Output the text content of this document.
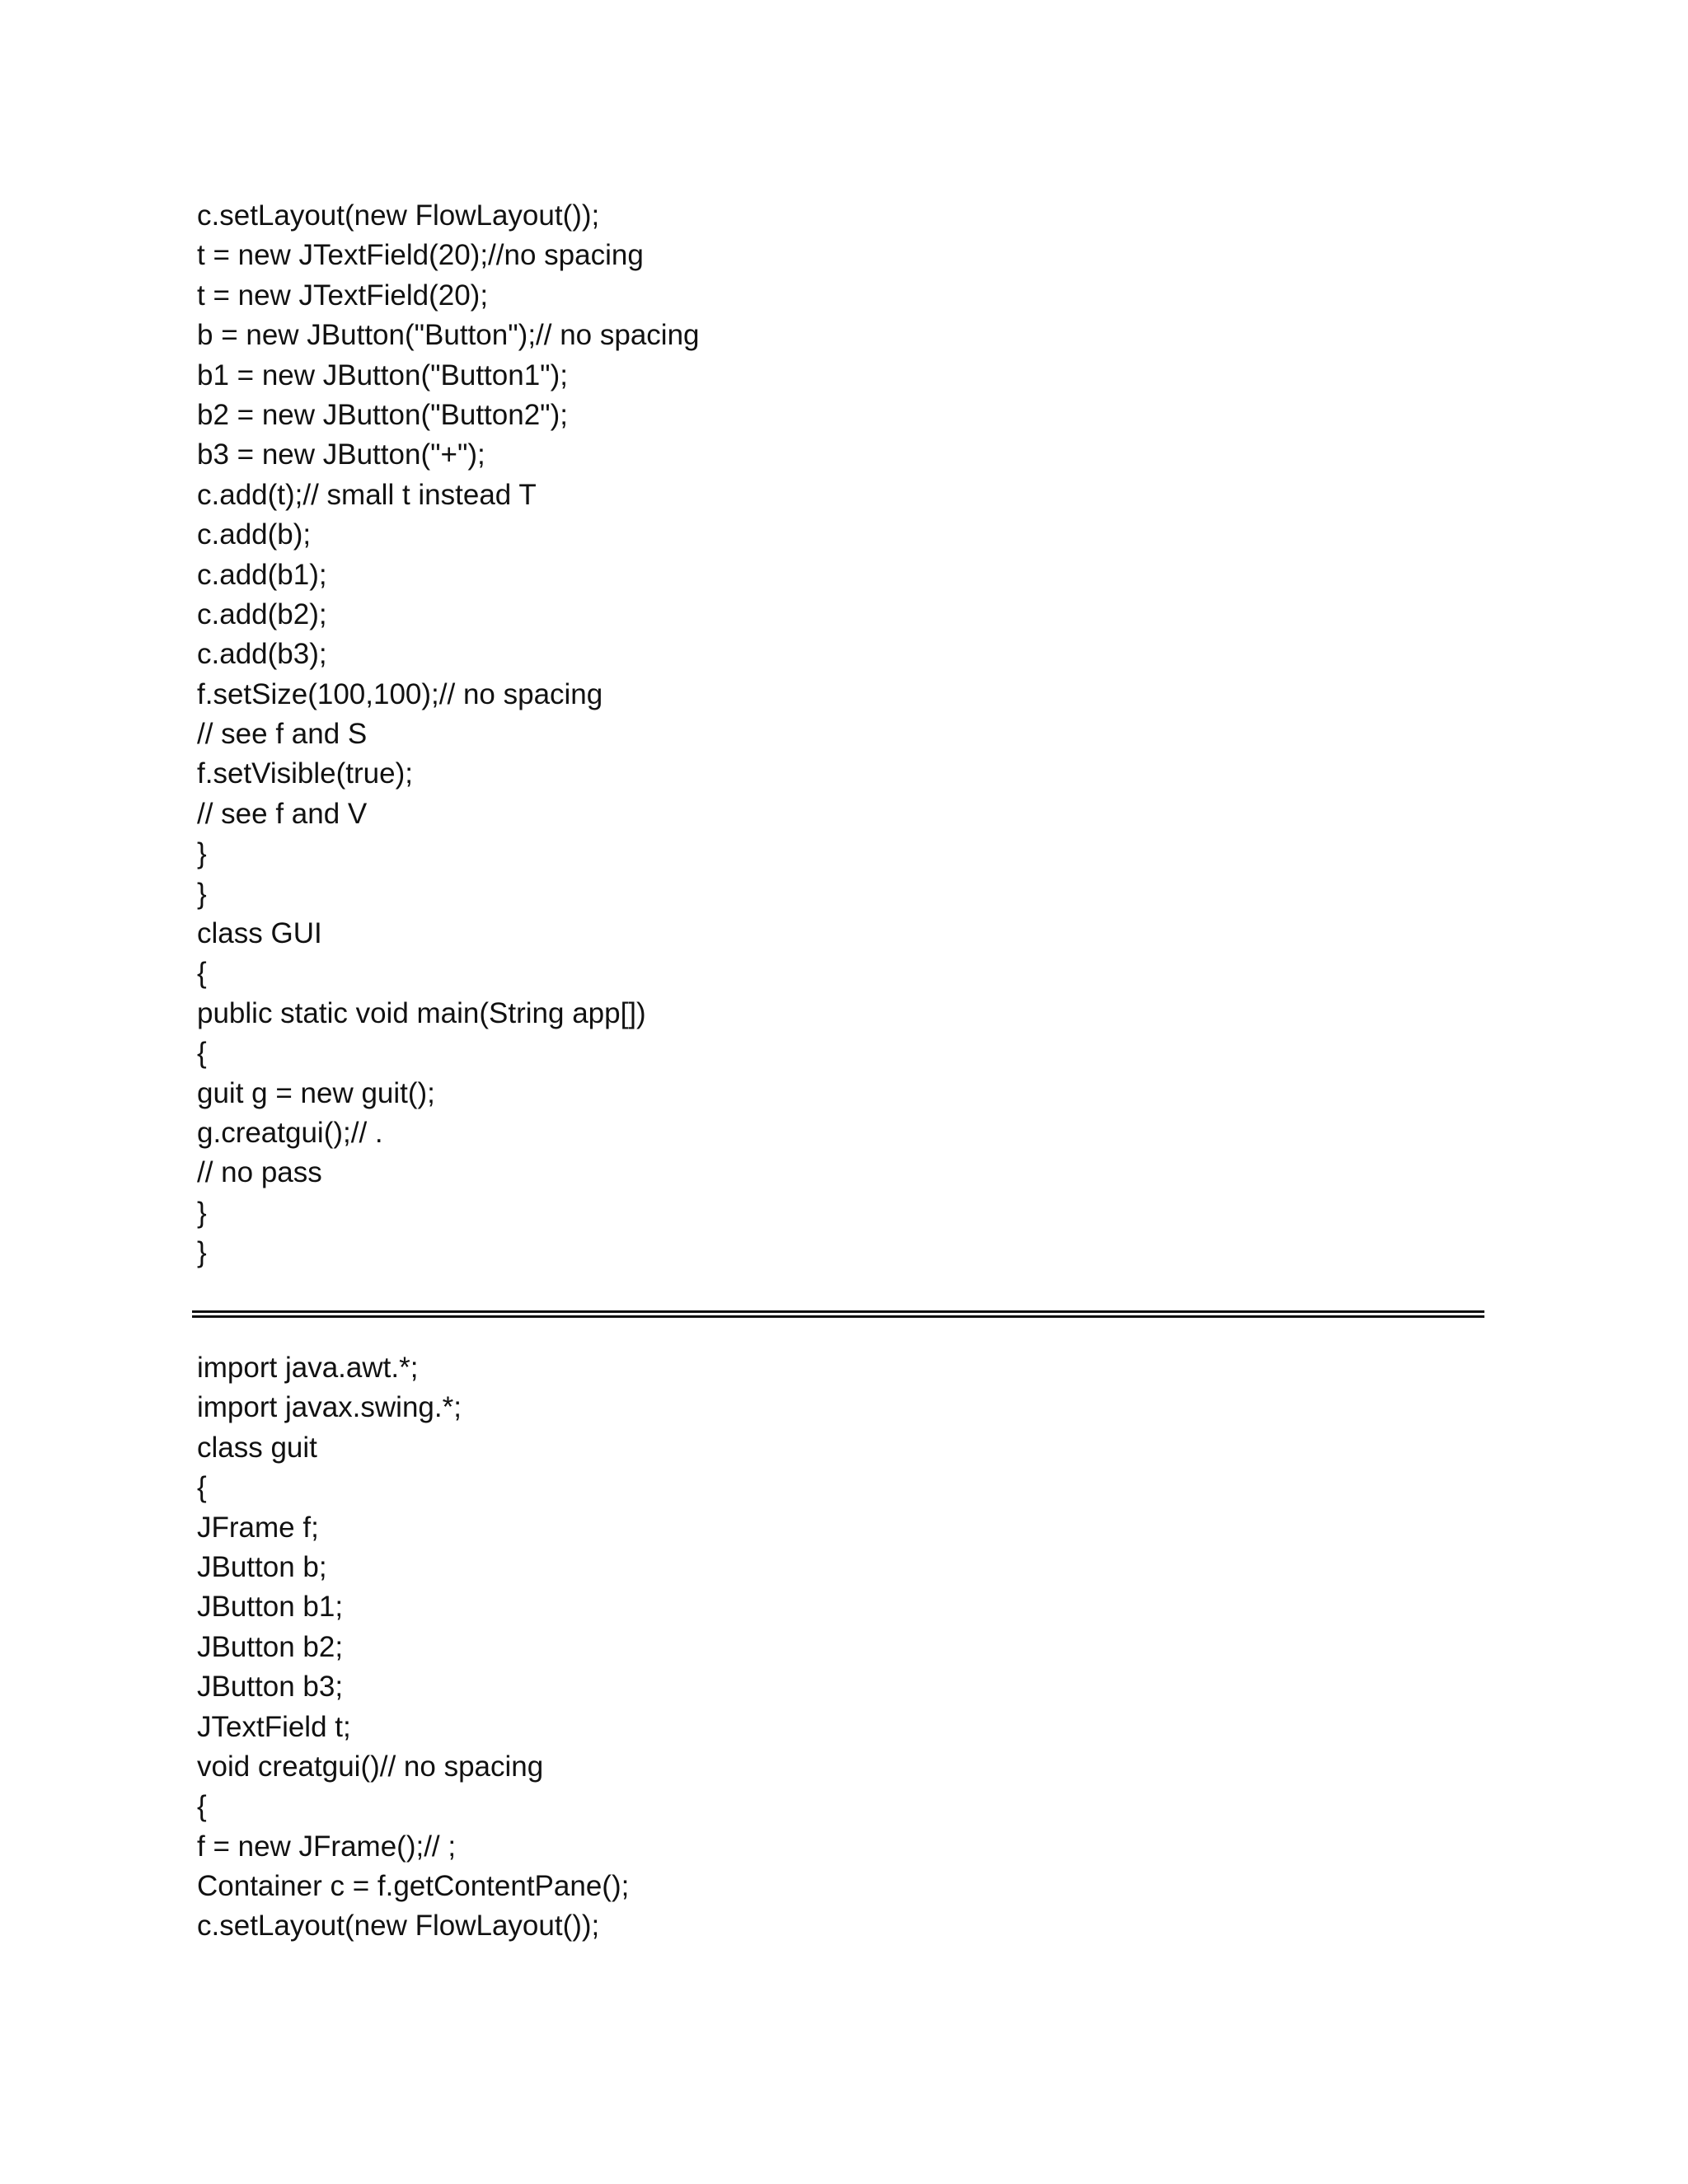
c.setLayout(new FlowLayout());
t = new JTextField(20);//no spacing
t = new JTextField(20);
b = new JButton("Button");// no spacing
b1 = new JButton("Button1");
b2 = new JButton("Button2");
b3 = new JButton("+");
c.add(t);// small t instead T
c.add(b);
c.add(b1);
c.add(b2);
c.add(b3);
f.setSize(100,100);// no spacing
// see f and S
f.setVisible(true);
// see f and V
}
}
class GUI
{
public static void main(String app[])
{
guit g = new guit();
g.creatgui();// .
// no pass
}
}
import java.awt.*;
import javax.swing.*;
class guit
{
JFrame f;
JButton b;
JButton b1;
JButton b2;
JButton b3;
JTextField t;
void creatgui()// no spacing
{
f = new JFrame();// ;
Container c = f.getContentPane();
c.setLayout(new FlowLayout());
